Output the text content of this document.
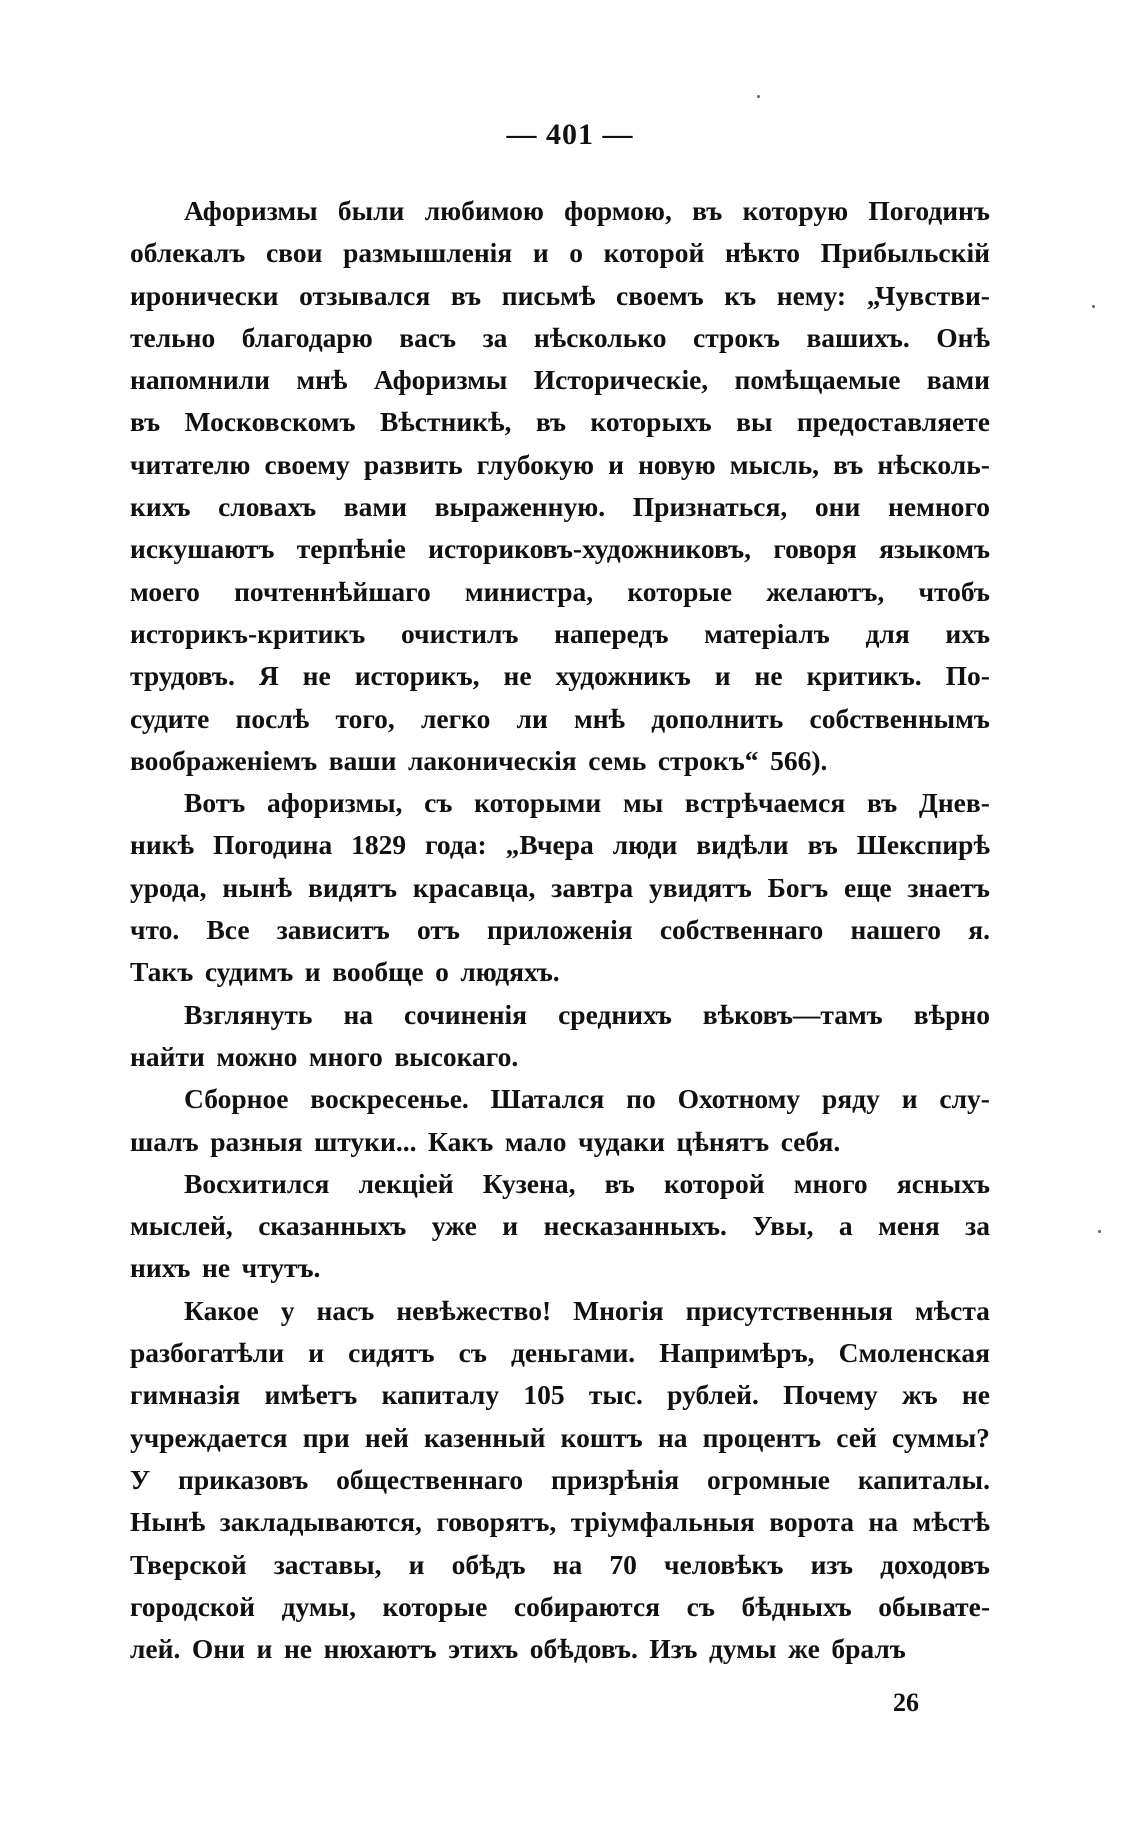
— 401 —
Афоризмы были любимою формою, въ которую Погодинъ
облекалъ свои размышленія и о которой нѣкто Прибыльскій
иронически отзывался въ письмѣ своемъ къ нему: „Чувстви-
тельно благодарю васъ за нѣсколько строкъ вашихъ. Онѣ
напомнили мнѣ Афоризмы Историческіе, помѣщаемые вами
въ Московскомъ Вѣстникѣ, въ которыхъ вы предоставляете
читателю своему развить глубокую и новую мысль, въ нѣсколь-
кихъ словахъ вами выраженную. Признаться, они немного
искушаютъ терпѣніе историковъ-художниковъ, говоря языкомъ
моего почтеннѣйшаго министра, которые желаютъ, чтобъ
историкъ-критикъ очистилъ напередъ матеріалъ для ихъ
трудовъ. Я не историкъ, не художникъ и не критикъ. По-
судите послѣ того, легко ли мнѣ дополнить собственнымъ
воображеніемъ ваши лаконическія семь строкъ“ 566).
Вотъ афоризмы, съ которыми мы встрѣчаемся въ Днев-
никѣ Погодина 1829 года: „Вчера люди видѣли въ Шекспирѣ
урода, нынѣ видятъ красавца, завтра увидятъ Богъ еще знаетъ
что. Все зависитъ отъ приложенія собственнаго нашего я.
Такъ судимъ и вообще о людяхъ.
Взглянуть на сочиненія среднихъ вѣковъ—тамъ вѣрно
найти можно много высокаго.
Сборное воскресенье. Шатался по Охотному ряду и слу-
шалъ разныя штуки... Какъ мало чудаки цѣнятъ себя.
Восхитился лекціей Кузена, въ которой много ясныхъ
мыслей, сказанныхъ уже и несказанныхъ. Увы, а меня за
нихъ не чтутъ.
Какое у насъ невѣжество! Многія присутственныя мѣста
разбогатѣли и сидятъ съ деньгами. Напримѣръ, Смоленская
гимназія имѣетъ капиталу 105 тыс. рублей. Почему жъ не
учреждается при ней казенный коштъ на процентъ сей суммы?
У приказовъ общественнаго призрѣнія огромные капиталы.
Нынѣ закладываются, говорятъ, тріумфальныя ворота на мѣстѣ
Тверской заставы, и обѣдъ на 70 человѣкъ изъ доходовъ
городской думы, которые собираются съ бѣдныхъ обывате-
лей. Они и не нюхаютъ этихъ обѣдовъ. Изъ думы же бралъ
26
